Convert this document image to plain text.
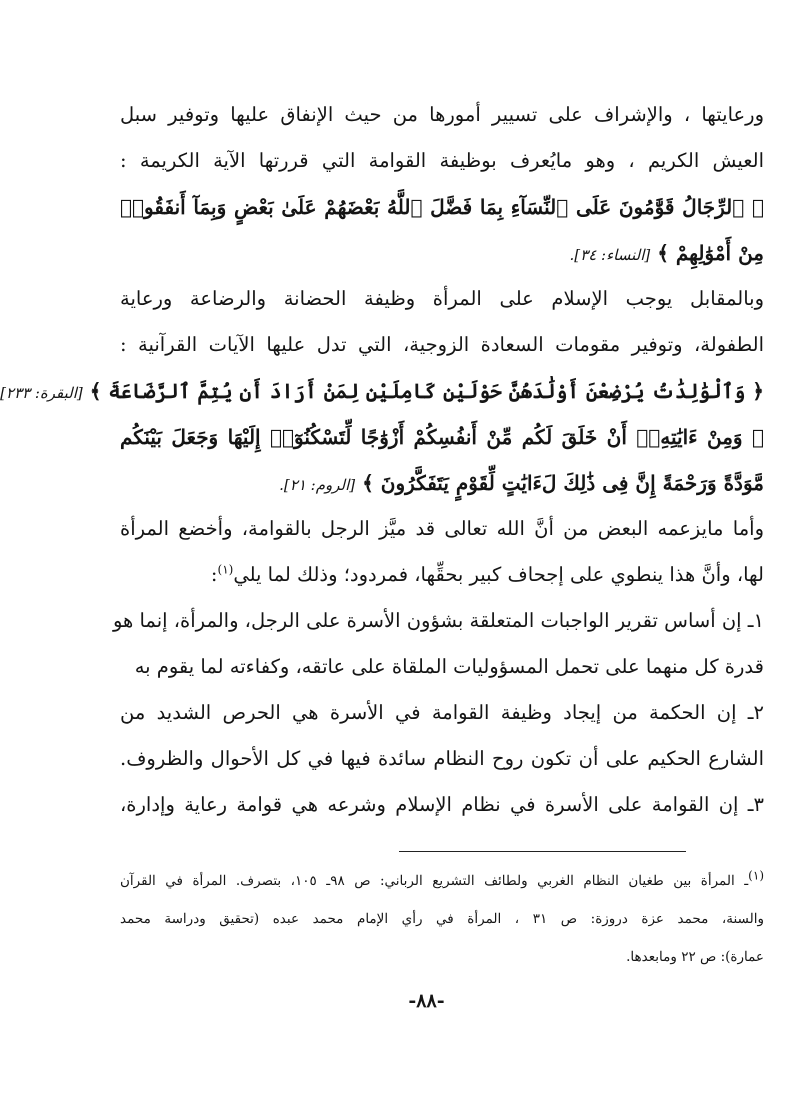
ورعايتها ، والإشراف على تسيير أمورها من حيث الإنفاق عليها وتوفير سبل
العيش الكريم ، وهو مايُعرف بوظيفة القوامة التي قررتها الآية الكريمة :
﴿ ٱلرِّجَالُ قَوَّٰمُونَ عَلَى ٱلنِّسَآءِ بِمَا فَضَّلَ ٱللَّهُ بَعْضَهُمْ عَلَىٰ بَعْضٍ وَبِمَآ أَنفَقُوا۟
مِنْ أَمْوَٰلِهِمْ ﴾ [النساء: ٣٤].
وبالمقابل يوجب الإسلام على المرأة وظيفة الحضانة والرضاعة ورعاية
الطفولة، وتوفير مقومات السعادة الزوجية، التي تدل عليها الآيات القرآنية :
﴿ وَٱلْوَٰلِدَٰتُ يُرْضِعْنَ أَوْلَٰدَهُنَّ حَوْلَيْنِ كَامِلَيْنِ لِمَنْ أَرَادَ أَن يُتِمَّ ٱلرَّضَاعَةَ ﴾ [البقرة: ٢٣٣]
﴿ وَمِنْ ءَايَٰتِهِۦٓ أَنْ خَلَقَ لَكُم مِّنْ أَنفُسِكُمْ أَزْوَٰجًا لِّتَسْكُنُوٓا۟ إِلَيْهَا وَجَعَلَ بَيْنَكُم
مَّوَدَّةً وَرَحْمَةً إِنَّ فِى ذَٰلِكَ لَءَايَٰتٍ لِّقَوْمٍ يَتَفَكَّرُونَ ﴾ [الروم: ٢١].
وأما مايزعمه البعض من أنَّ الله تعالى قد ميَّز الرجل بالقوامة، وأخضع المرأة
لها، وأنَّ هذا ينطوي على إجحاف كبير بحقِّها، فمردود؛ وذلك لما يلي$^{(١)}$:
١ـ إن أساس تقرير الواجبات المتعلقة بشؤون الأسرة على الرجل، والمرأة، إنما هو
قدرة كل منهما على تحمل المسؤوليات الملقاة على عاتقه، وكفاءته لما يقوم به
٢ـ إن الحكمة من إيجاد وظيفة القوامة في الأسرة هي الحرص الشديد من
الشارع الحكيم على أن تكون روح النظام سائدة فيها في كل الأحوال والظروف.
٣ـ إن القوامة على الأسرة في نظام الإسلام وشرعه هي قوامة رعاية وإدارة،
(١)ـ المرأة بين طغيان النظام الغربي ولطائف التشريع الرباني: ص ٩٨ـ ١٠٥، بتصرف. المرأة في القرآن
والسنة، محمد عزة دروزة: ص ٣١ ، المرأة في رأي الإمام محمد عبده (تحقيق ودراسة محمد
عمارة): ص ٢٢ ومابعدها.
-٨٨-
